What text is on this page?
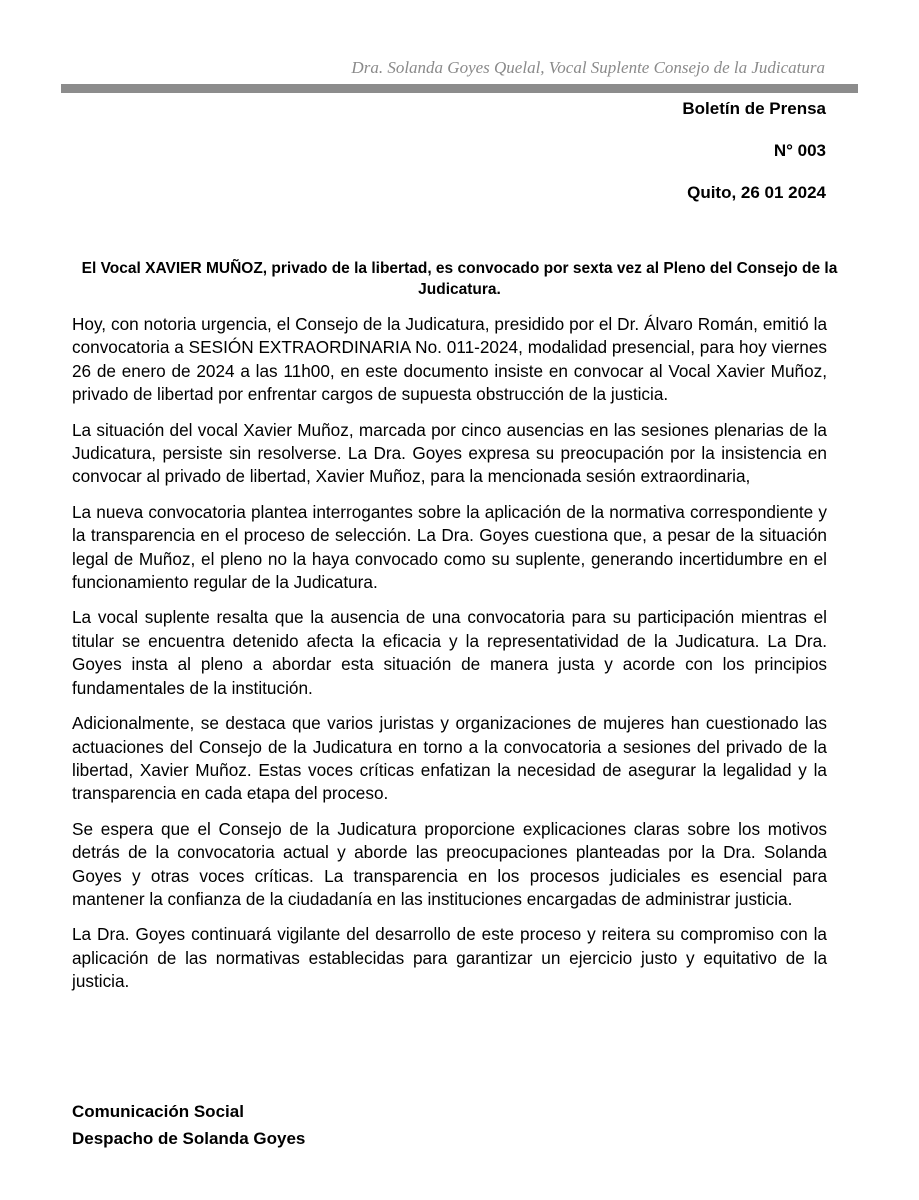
Dra. Solanda Goyes Quelal, Vocal Suplente Consejo de la Judicatura
Boletín de Prensa
N° 003
Quito, 26 01 2024
El Vocal XAVIER MUÑOZ, privado de la libertad, es convocado por sexta vez al Pleno del Consejo de la Judicatura.

Hoy, con notoria urgencia, el Consejo de la Judicatura, presidido por el Dr. Álvaro Román, emitió la convocatoria a SESIÓN EXTRAORDINARIA No. 011-2024, modalidad presencial, para hoy viernes 26 de enero de 2024 a las 11h00, en este documento insiste en convocar al Vocal Xavier Muñoz, privado de libertad por enfrentar cargos de supuesta obstrucción de la justicia.

La situación del vocal Xavier Muñoz, marcada por cinco ausencias en las sesiones plenarias de la Judicatura, persiste sin resolverse. La Dra. Goyes expresa su preocupación por la insistencia en convocar al privado de libertad, Xavier Muñoz, para la mencionada sesión extraordinaria,

La nueva convocatoria plantea interrogantes sobre la aplicación de la normativa correspondiente y la transparencia en el proceso de selección. La Dra. Goyes cuestiona que, a pesar de la situación legal de Muñoz, el pleno no la haya convocado como su suplente, generando incertidumbre en el funcionamiento regular de la Judicatura.

La vocal suplente resalta que la ausencia de una convocatoria para su participación mientras el titular se encuentra detenido afecta la eficacia y la representatividad de la Judicatura. La Dra. Goyes insta al pleno a abordar esta situación de manera justa y acorde con los principios fundamentales de la institución.

Adicionalmente, se destaca que varios juristas y organizaciones de mujeres han cuestionado las actuaciones del Consejo de la Judicatura en torno a la convocatoria a sesiones del privado de la libertad, Xavier Muñoz. Estas voces críticas enfatizan la necesidad de asegurar la legalidad y la transparencia en cada etapa del proceso.

Se espera que el Consejo de la Judicatura proporcione explicaciones claras sobre los motivos detrás de la convocatoria actual y aborde las preocupaciones planteadas por la Dra. Solanda Goyes y otras voces críticas. La transparencia en los procesos judiciales es esencial para mantener la confianza de la ciudadanía en las instituciones encargadas de administrar justicia.

La Dra. Goyes continuará vigilante del desarrollo de este proceso y reitera su compromiso con la aplicación de las normativas establecidas para garantizar un ejercicio justo y equitativo de la justicia.

Comunicación Social
Despacho de Solanda Goyes
